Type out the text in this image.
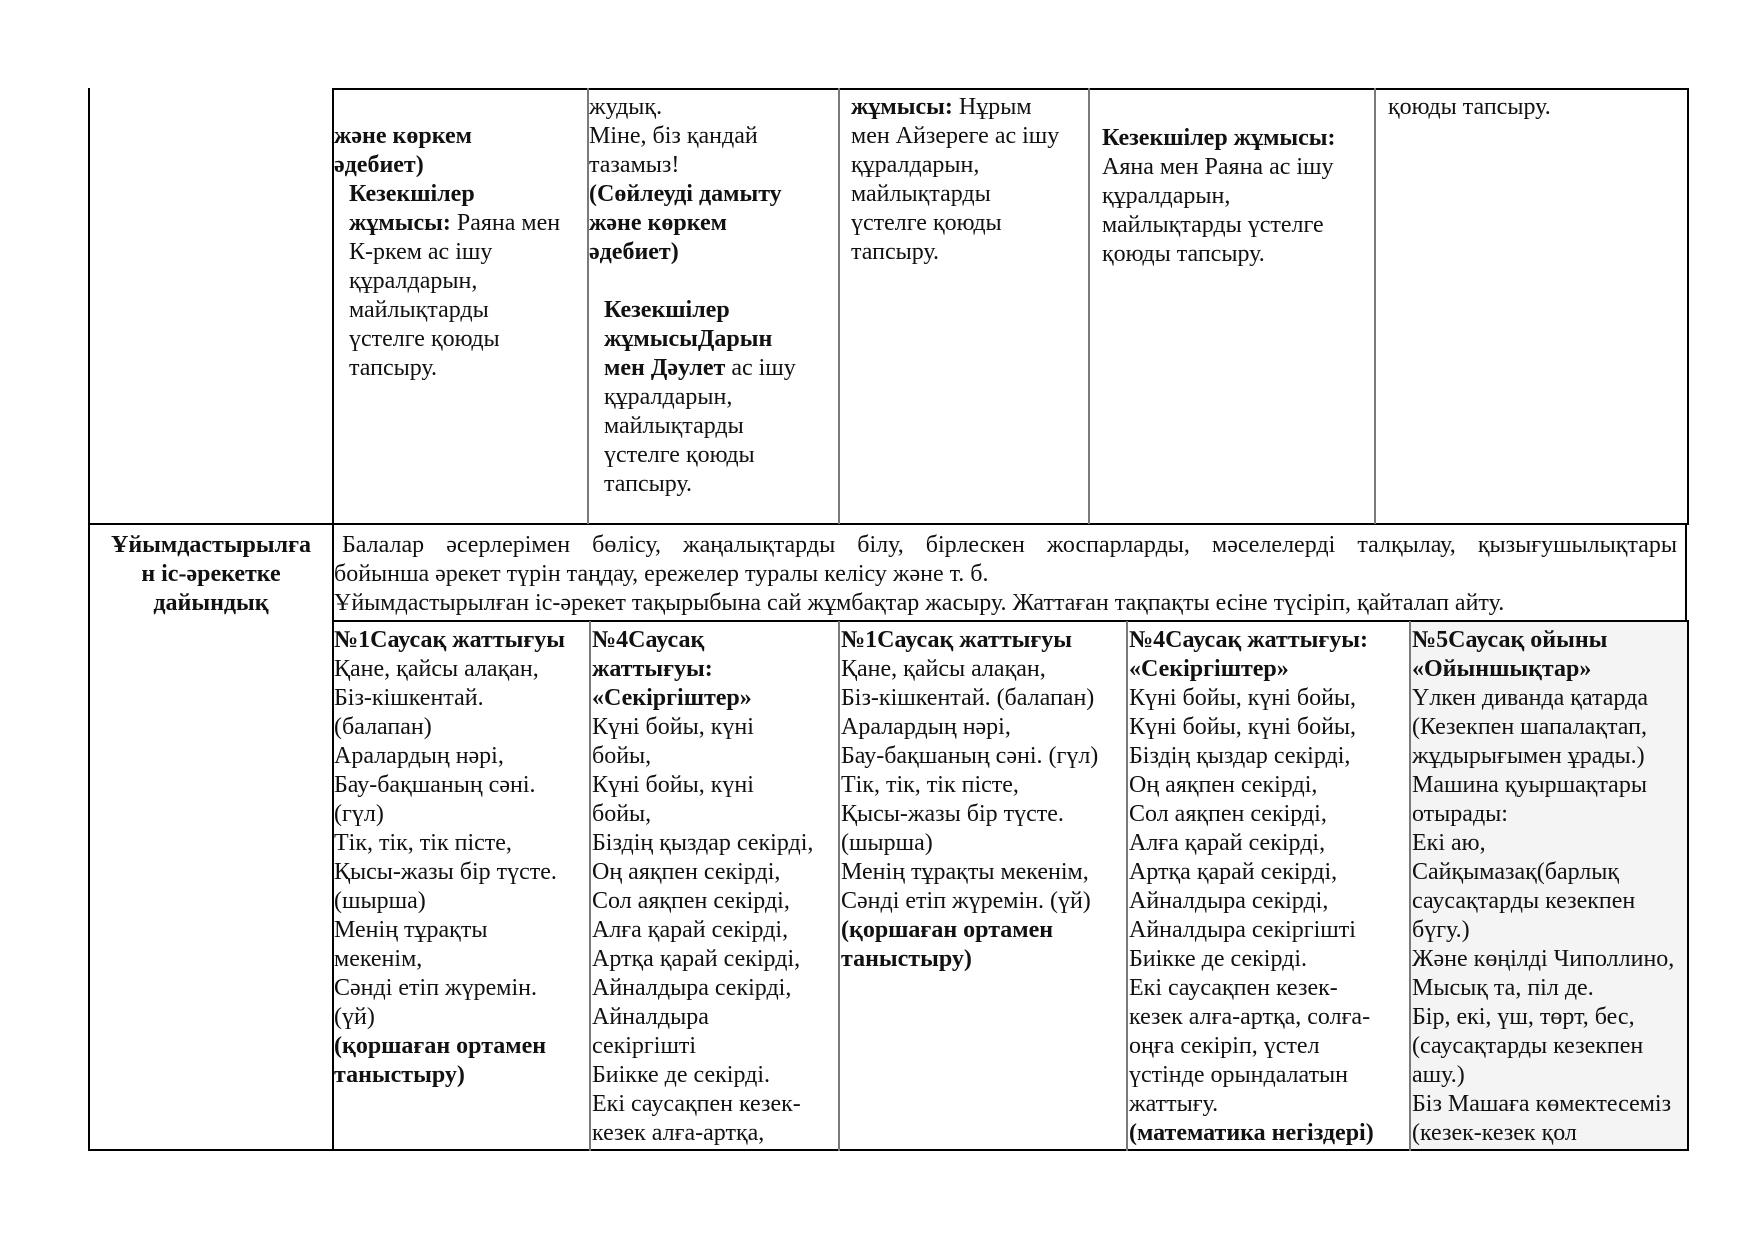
және көркем
әдебиет)

Кезекшілер
жұмысы: Раяна мен
К-ркем ас ішу
құралдарын,
майлықтарды
үстелге қоюды
тапсыру.
жудық.
Міне, біз қандай
тазамыз!
(Сөйлеуді дамыту
және көркем
әдебиет)
Кезекшілер
жұмысыДарын
мен Дәулет ас ішу
құралдарын,
майлықтарды
үстелге қоюды
тапсыру.
жұмысы: Нұрым
мен Айзереге ас ішу
құралдарын,
майлықтарды
үстелге қоюды
тапсыру.
Кезекшілер жұмысы:
Аяна мен Раяна ас ішу
құралдарын,
майлықтарды үстелге
қоюды тапсыру.
қоюды тапсыру.
Ұйымдастырылға
н іс-әрекетке
дайындық
Балалар әсерлерімен бөлісу, жаңалықтарды білу, бірлескен жоспарларды, мәселелерді талқылау, қызығушылықтары
бойынша әрекет түрін таңдау, ережелер туралы келісу және т. б.
Ұйымдастырылған іс-әрекет тақырыбына сай жұмбақтар жасыру. Жаттаған тақпақты есіне түсіріп, қайталап айту.
№1Саусақ жаттығуы
Қане, қайсы алақан,
Біз-кішкентай.
(балапан)
Аралардың нәрі,
Бау-бақшаның сәні.
(гүл)
Тік, тік, тік пісте,
Қысы-жазы бір түсте.
(шырша)
Менің тұрақты
мекенім,
Сәнді етіп жүремін.
(үй)
(қоршаған ортамен
таныстыру)
№4Саусақ
жаттығуы:
«Секіргіштер»
Күні бойы, күні
бойы,
Күні бойы, күні
бойы,
Біздің қыздар секірді,
Оң аяқпен секірді,
Сол аяқпен секірді,
Алға қарай секірді,
Артқа қарай секірді,
Айналдыра секірді,
Айналдыра
секіргішті
Биікке де секірді.
Екі саусақпен кезек-
кезек алға-артқа,
№1Саусақ жаттығуы
Қане, қайсы алақан,
Біз-кішкентай. (балапан)
Аралардың нәрі,
Бау-бақшаның сәні. (гүл)
Тік, тік, тік пісте,
Қысы-жазы бір түсте.
(шырша)
Менің тұрақты мекенім,
Сәнді етіп жүремін. (үй)
(қоршаған ортамен
таныстыру)
№4Саусақ жаттығуы:
«Секіргіштер»
Күні бойы, күні бойы,
Күні бойы, күні бойы,
Біздің қыздар секірді,
Оң аяқпен секірді,
Сол аяқпен секірді,
Алға қарай секірді,
Артқа қарай секірді,
Айналдыра секірді,
Айналдыра секіргішті
Биікке де секірді.
Екі саусақпен кезек-
кезек алға-артқа, солға-
оңға секіріп, үстел
үстінде орындалатын
жаттығу.
(математика негіздері)
№5Саусақ ойыны
«Ойыншықтар»
Үлкен диванда қатарда
(Кезекпен шапалақтап,
жұдырығымен ұрады.)
Машина қуыршақтары
отырады:
Екі аю,
Сайқымазақ(барлық
саусақтарды кезекпен
бүгу.)
Және көңілді Чиполлино,
Мысық та, піл де.
Бір, екі, үш, төрт, бес,
(саусақтарды кезекпен
ашу.)
Біз Машаға көмектесеміз
(кезек-кезек қол
